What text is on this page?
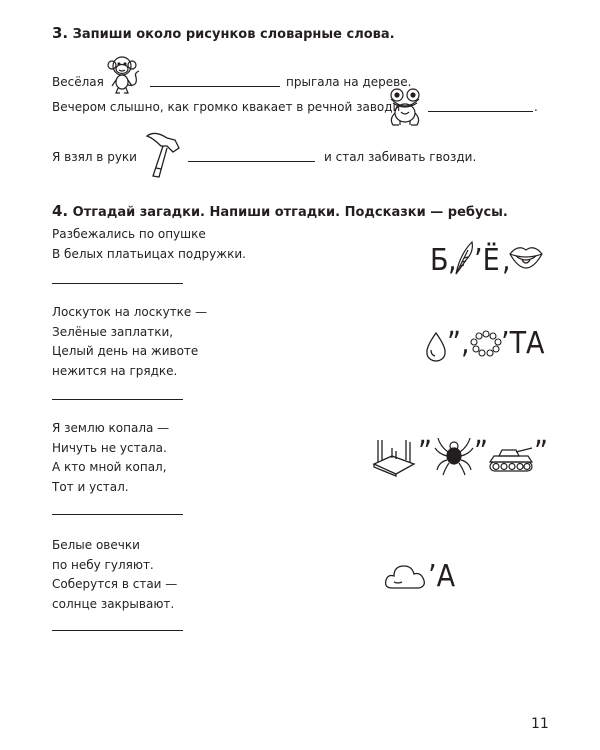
3. Запиши около рисунков словарные слова.
Весёлая	прыгала на дереве.
Вечером слышно, как громко квакает в речной заводи	.
Я взял в руки	и стал забивать гвозди.
4. Отгадай загадки. Напиши отгадки. Подсказки — ребусы.
Разбежались по опушке
В белых платьицах подружки.	Б , ’Ё ,
Лоскуток на лоскутке —
Зелёные заплатки,
Целый день на животе
нежится на грядке.
” , ’ТА
Я землю копала —
Ничуть не устала.
А кто мной копал,
Тот и устал.
” ” ”
Белые овечки
по небу гуляют.
Соберутся в стаи —
солнце закрывают.
’А
11
